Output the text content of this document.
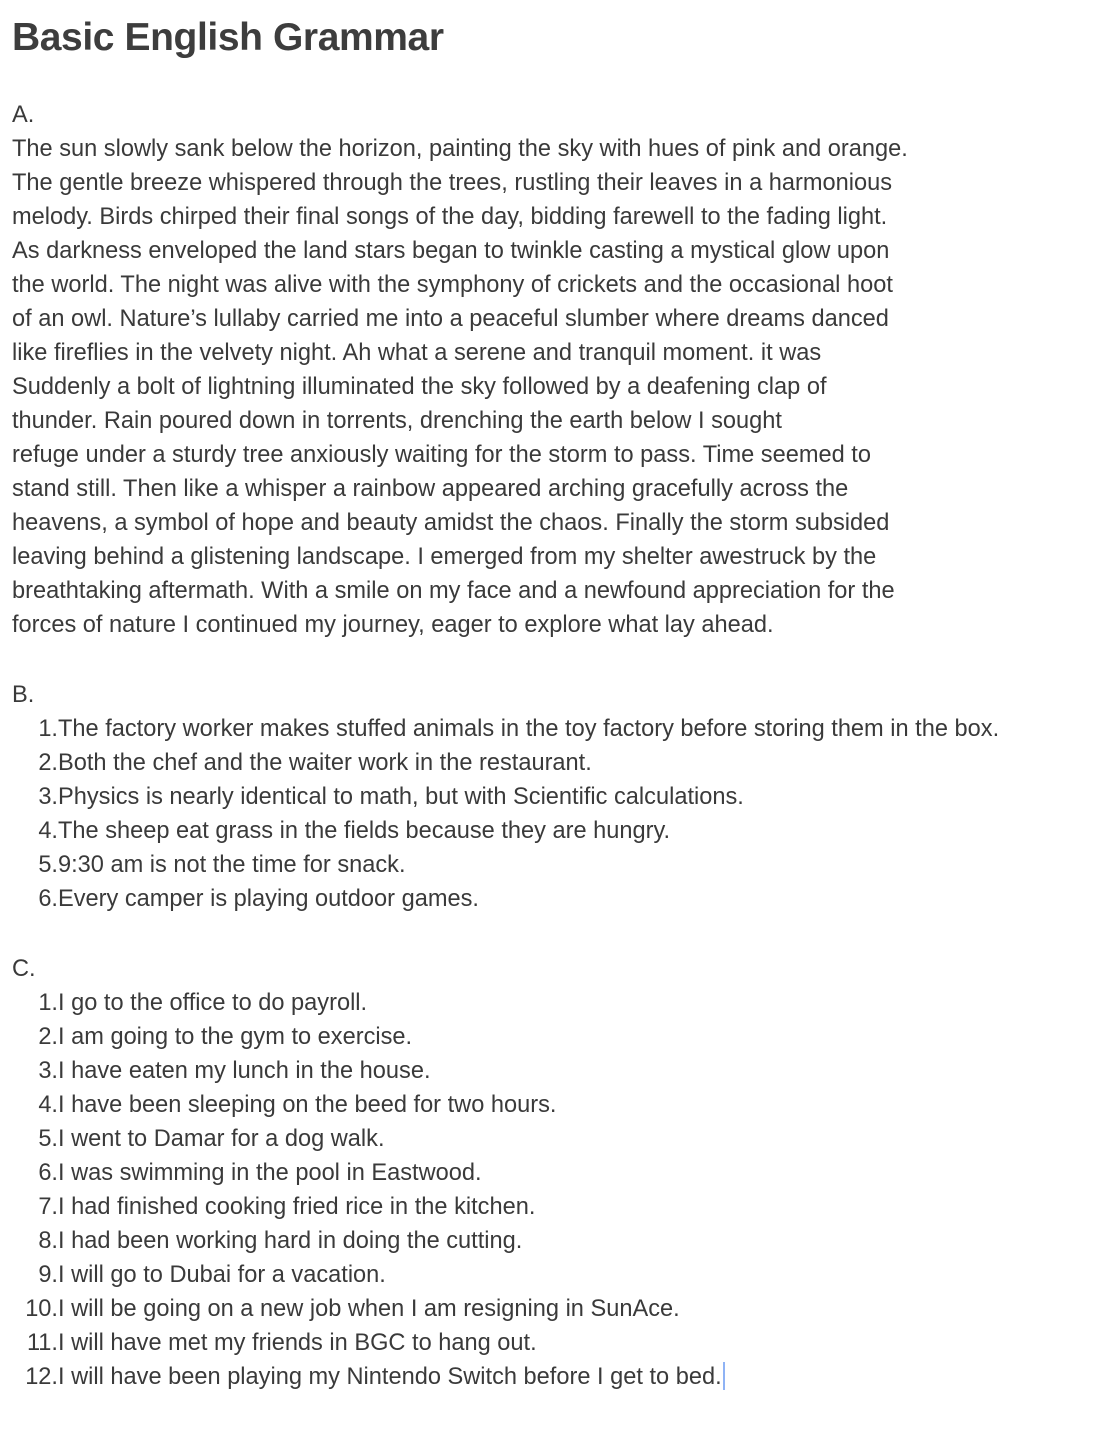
Basic English Grammar
A.

The sun slowly sank below the horizon, painting the sky with hues of pink and orange.
The gentle breeze whispered through the trees, rustling their leaves in a harmonious
melody. Birds chirped their final songs of the day, bidding farewell to the fading light.
As darkness enveloped the land stars began to twinkle casting a mystical glow upon
the world. The night was alive with the symphony of crickets and the occasional hoot
of an owl. Nature’s lullaby carried me into a peaceful slumber where dreams danced
like fireflies in the velvety night. Ah what a serene and tranquil moment. it was
Suddenly a bolt of lightning illuminated the sky followed by a deafening clap of
thunder. Rain poured down in torrents, drenching the earth below I sought
refuge under a sturdy tree anxiously waiting for the storm to pass. Time seemed to
stand still. Then like a whisper a rainbow appeared arching gracefully across the
heavens, a symbol of hope and beauty amidst the chaos. Finally the storm subsided
leaving behind a glistening landscape. I emerged from my shelter awestruck by the
breathtaking aftermath. With a smile on my face and a newfound appreciation for the
forces of nature I continued my journey, eager to explore what lay ahead.

B.
1. The factory worker makes stuffed animals in the toy factory before storing them in the box.
2. Both the chef and the waiter work in the restaurant.
3. Physics is nearly identical to math, but with Scientific calculations.
4. The sheep eat grass in the fields because they are hungry.
5. 9:30 am is not the time for snack.
6. Every camper is playing outdoor games.
C.
1. I go to the office to do payroll.
2. I am going to the gym to exercise.
3. I have eaten my lunch in the house.
4. I have been sleeping on the beed for two hours.
5. I went to Damar for a dog walk.
6. I was swimming in the pool in Eastwood.
7. I had finished cooking fried rice in the kitchen.
8. I had been working hard in doing the cutting.
9. I will go to Dubai for a vacation.
10. I will be going on a new job when I am resigning in SunAce.
11. I will have met my friends in BGC to hang out.
12. I will have been playing my Nintendo Switch before I get to bed.
